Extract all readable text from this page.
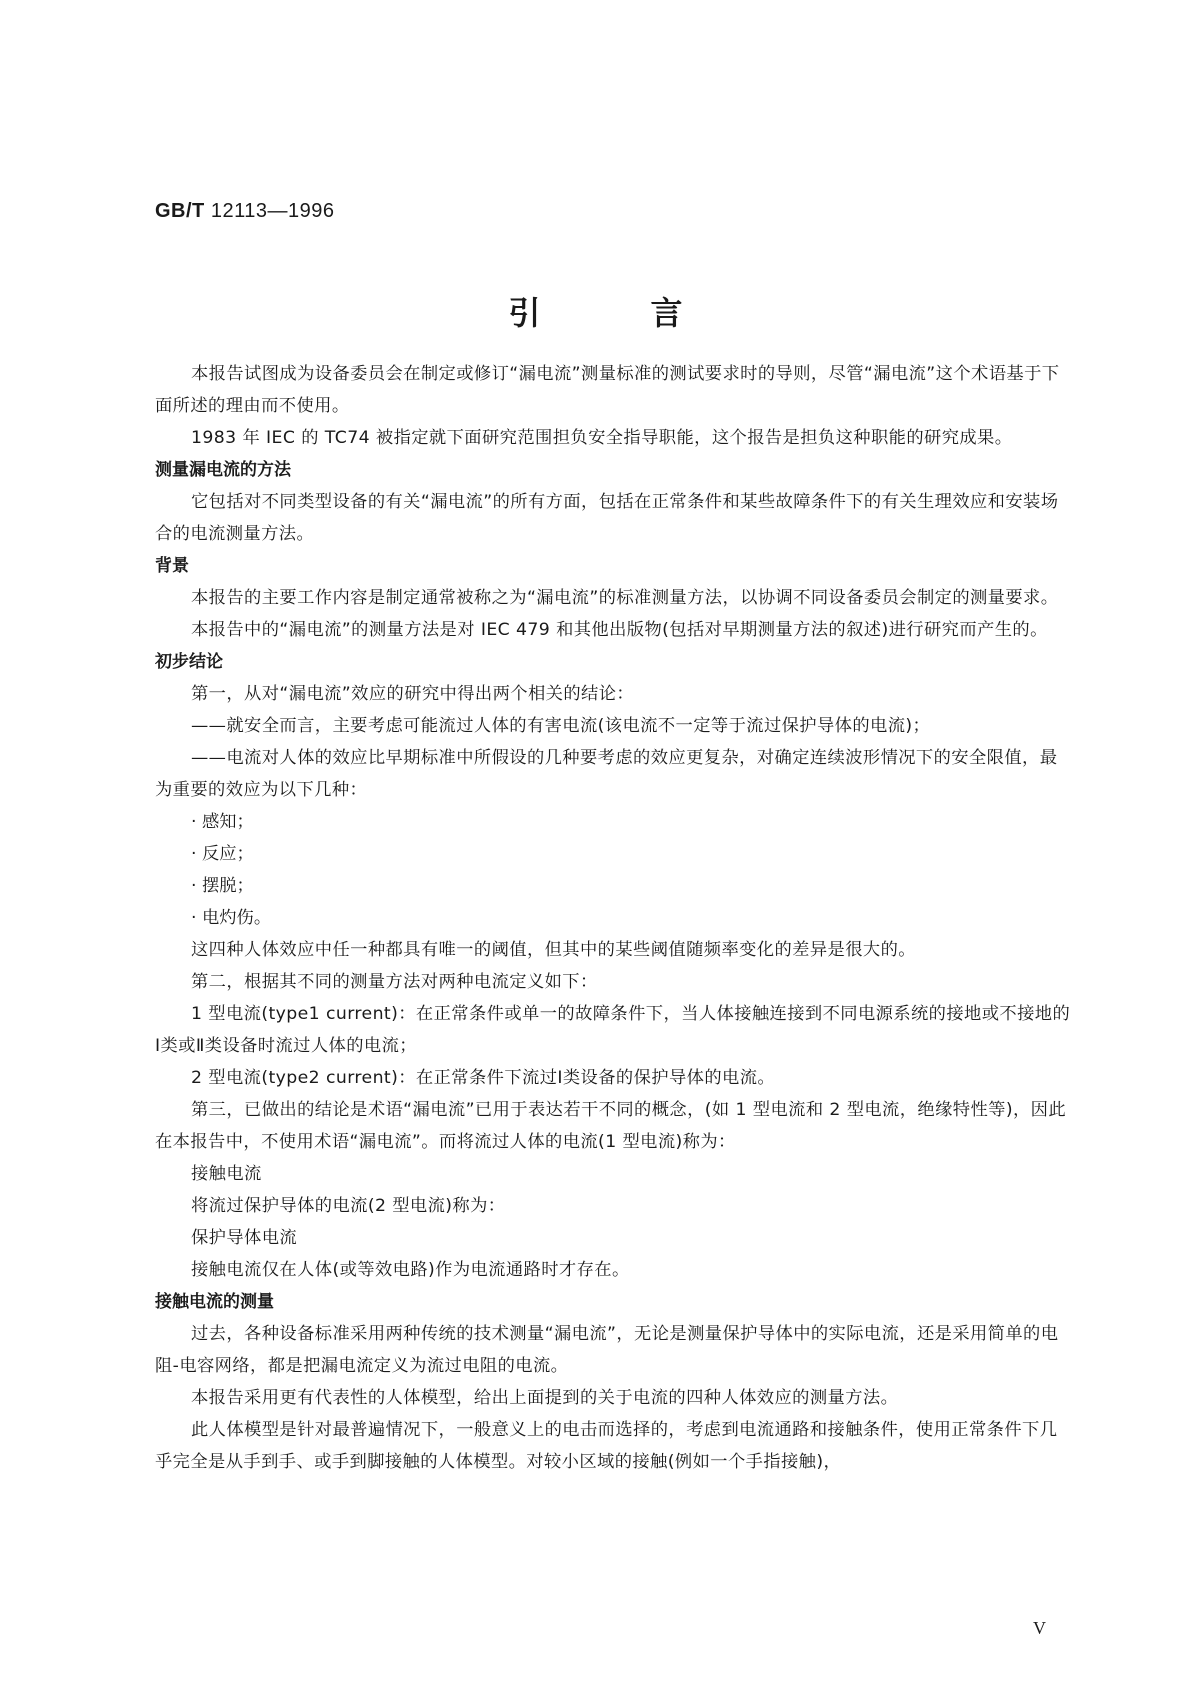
GB/T 12113—1996
引言

本报告试图成为设备委员会在制定或修订“漏电流”测量标准的测试要求时的导则，尽管“漏电流”这个术语基于下面所述的理由而不使用。

1983 年 IEC 的 TC74 被指定就下面研究范围担负安全指导职能，这个报告是担负这种职能的研究成果。

测量漏电流的方法

它包括对不同类型设备的有关“漏电流”的所有方面，包括在正常条件和某些故障条件下的有关生理效应和安装场合的电流测量方法。

背景

本报告的主要工作内容是制定通常被称之为“漏电流”的标准测量方法，以协调不同设备委员会制定的测量要求。

本报告中的“漏电流”的测量方法是对 IEC 479 和其他出版物(包括对早期测量方法的叙述)进行研究而产生的。

初步结论

第一，从对“漏电流”效应的研究中得出两个相关的结论：

——就安全而言，主要考虑可能流过人体的有害电流(该电流不一定等于流过保护导体的电流)；

——电流对人体的效应比早期标准中所假设的几种要考虑的效应更复杂，对确定连续波形情况下的安全限值，最为重要的效应为以下几种：

· 感知；

· 反应；

· 摆脱；

· 电灼伤。

这四种人体效应中任一种都具有唯一的阈值，但其中的某些阈值随频率变化的差异是很大的。

第二，根据其不同的测量方法对两种电流定义如下：

1 型电流(type1 current)：在正常条件或单一的故障条件下，当人体接触连接到不同电源系统的接地或不接地的Ⅰ类或Ⅱ类设备时流过人体的电流；

2 型电流(type2 current)：在正常条件下流过Ⅰ类设备的保护导体的电流。

第三，已做出的结论是术语“漏电流”已用于表达若干不同的概念，(如 1 型电流和 2 型电流，绝缘特性等)，因此在本报告中，不使用术语“漏电流”。而将流过人体的电流(1 型电流)称为：

接触电流

将流过保护导体的电流(2 型电流)称为：

保护导体电流

接触电流仅在人体(或等效电路)作为电流通路时才存在。

接触电流的测量

过去，各种设备标准采用两种传统的技术测量“漏电流”，无论是测量保护导体中的实际电流，还是采用简单的电阻-电容网络，都是把漏电流定义为流过电阻的电流。

本报告采用更有代表性的人体模型，给出上面提到的关于电流的四种人体效应的测量方法。

此人体模型是针对最普遍情况下，一般意义上的电击而选择的，考虑到电流通路和接触条件，使用正常条件下几乎完全是从手到手、或手到脚接触的人体模型。对较小区域的接触(例如一个手指接触)，

V
